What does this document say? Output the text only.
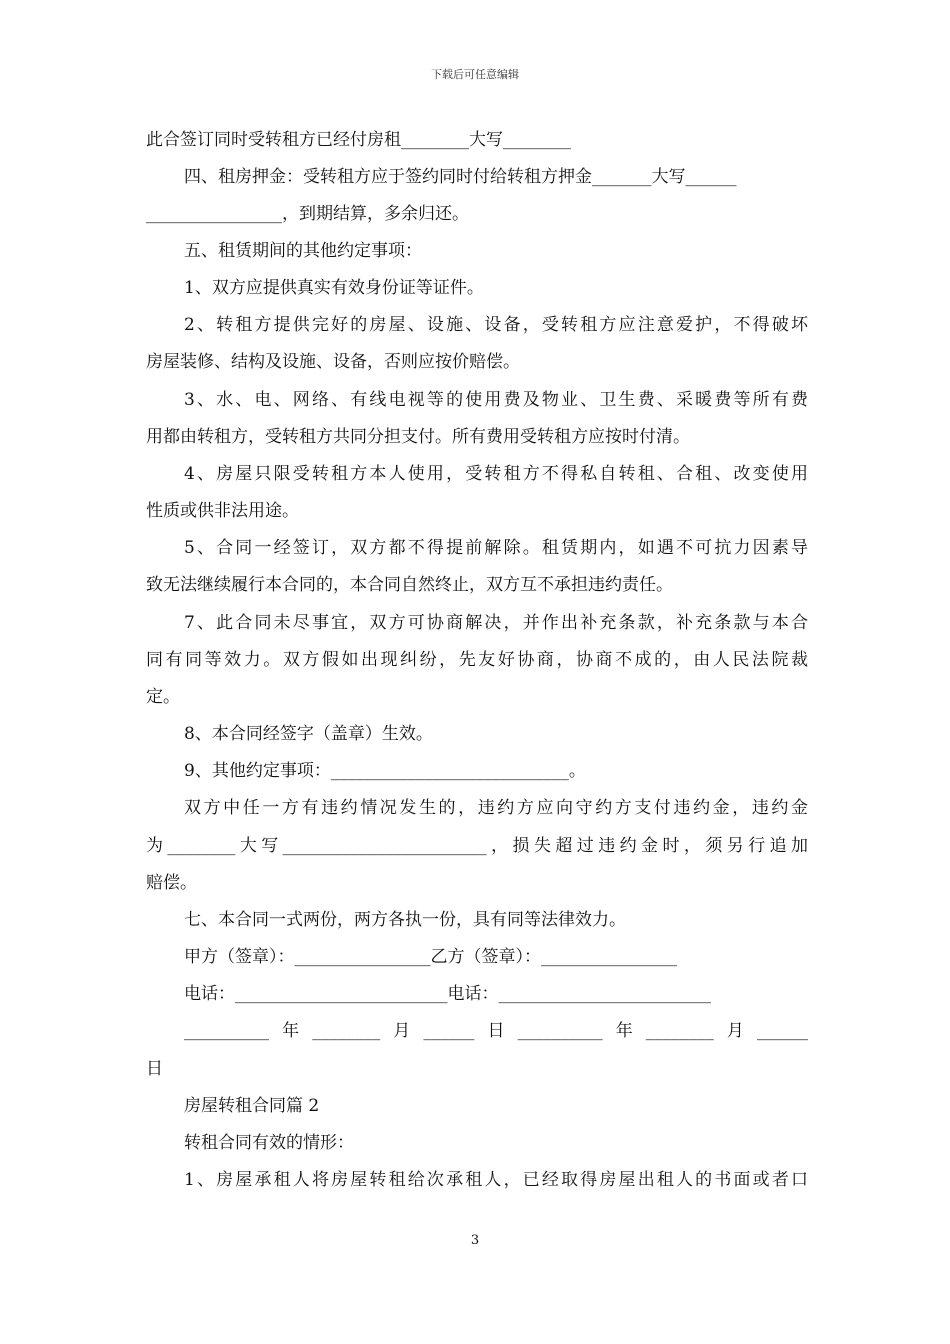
下载后可任意编辑
此合签订同时受转租方已经付房租________大写________
四、租房押金：受转租方应于签约同时付给转租方押金_______大写______
________________，到期结算，多余归还。
五、租赁期间的其他约定事项：
1、双方应提供真实有效身份证等证件。
2、转租方提供完好的房屋、设施、设备，受转租方应注意爱护，不得破坏
房屋装修、结构及设施、设备，否则应按价赔偿。
3、水、电、网络、有线电视等的使用费及物业、卫生费、采暖费等所有费
用都由转租方，受转租方共同分担支付。所有费用受转租方应按时付清。
4、房屋只限受转租方本人使用，受转租方不得私自转租、合租、改变使用
性质或供非法用途。
5、合同一经签订，双方都不得提前解除。租赁期内，如遇不可抗力因素导
致无法继续履行本合同的，本合同自然终止，双方互不承担违约责任。
7、此合同未尽事宜，双方可协商解决，并作出补充条款，补充条款与本合
同有同等效力。双方假如出现纠纷，先友好协商，协商不成的，由人民法院裁
定。
8、本合同经签字（盖章）生效。
9、其他约定事项：____________________________。
双方中任一方有违约情况发生的，违约方应向守约方支付违约金，违约金
为________大写________________________，损失超过违约金时，须另行追加
赔偿。
七、本合同一式两份，两方各执一份，具有同等法律效力。
甲方（签章）：________________乙方（签章）：________________
电话：_________________________电话：_________________________
__________年________月______日__________年________月______
日
房屋转租合同篇 2
转租合同有效的情形：
1、房屋承租人将房屋转租给次承租人，已经取得房屋出租人的书面或者口
3
